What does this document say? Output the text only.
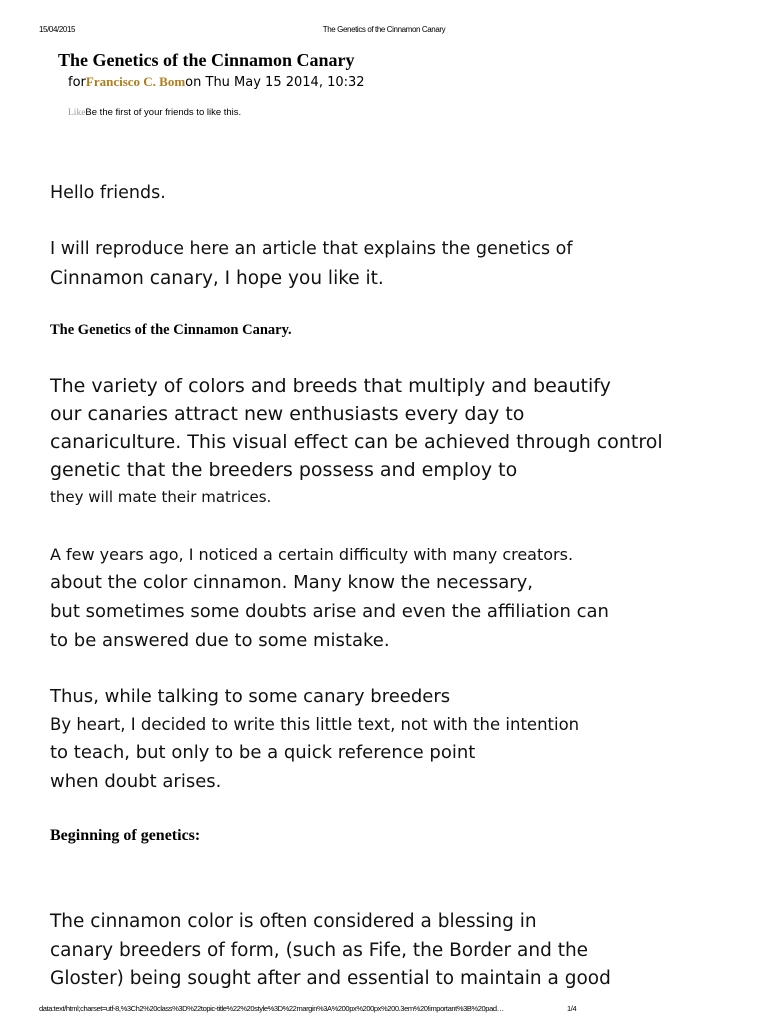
15/04/2015	The Genetics of the Cinnamon Canary
The Genetics of the Cinnamon Canary
forFrancisco C. Bomon Thu May 15 2014, 10:32
LikeBe the first of your friends to like this.
Hello friends.
I will reproduce here an article that explains the genetics of
Cinnamon canary, I hope you like it.
The Genetics of the Cinnamon Canary.
The variety of colors and breeds that multiply and beautify
our canaries attract new enthusiasts every day to
canariculture. This visual effect can be achieved through control
genetic that the breeders possess and employ to
they will mate their matrices.
A few years ago, I noticed a certain difficulty with many creators.
about the color cinnamon. Many know the necessary,
but sometimes some doubts arise and even the affiliation can
to be answered due to some mistake.
Thus, while talking to some canary breeders
By heart, I decided to write this little text, not with the intention
to teach, but only to be a quick reference point
when doubt arises.
Beginning of genetics:
The cinnamon color is often considered a blessing in
canary breeders of form, (such as Fife, the Border and the
Gloster) being sought after and essential to maintain a good
data:text/html;charset=utf-8,%3Ch2%20class%3D%22topic-title%22%20style%3D%22margin%3A%200px%200px%200.3em%20!important%3B%20pad…	1/4
